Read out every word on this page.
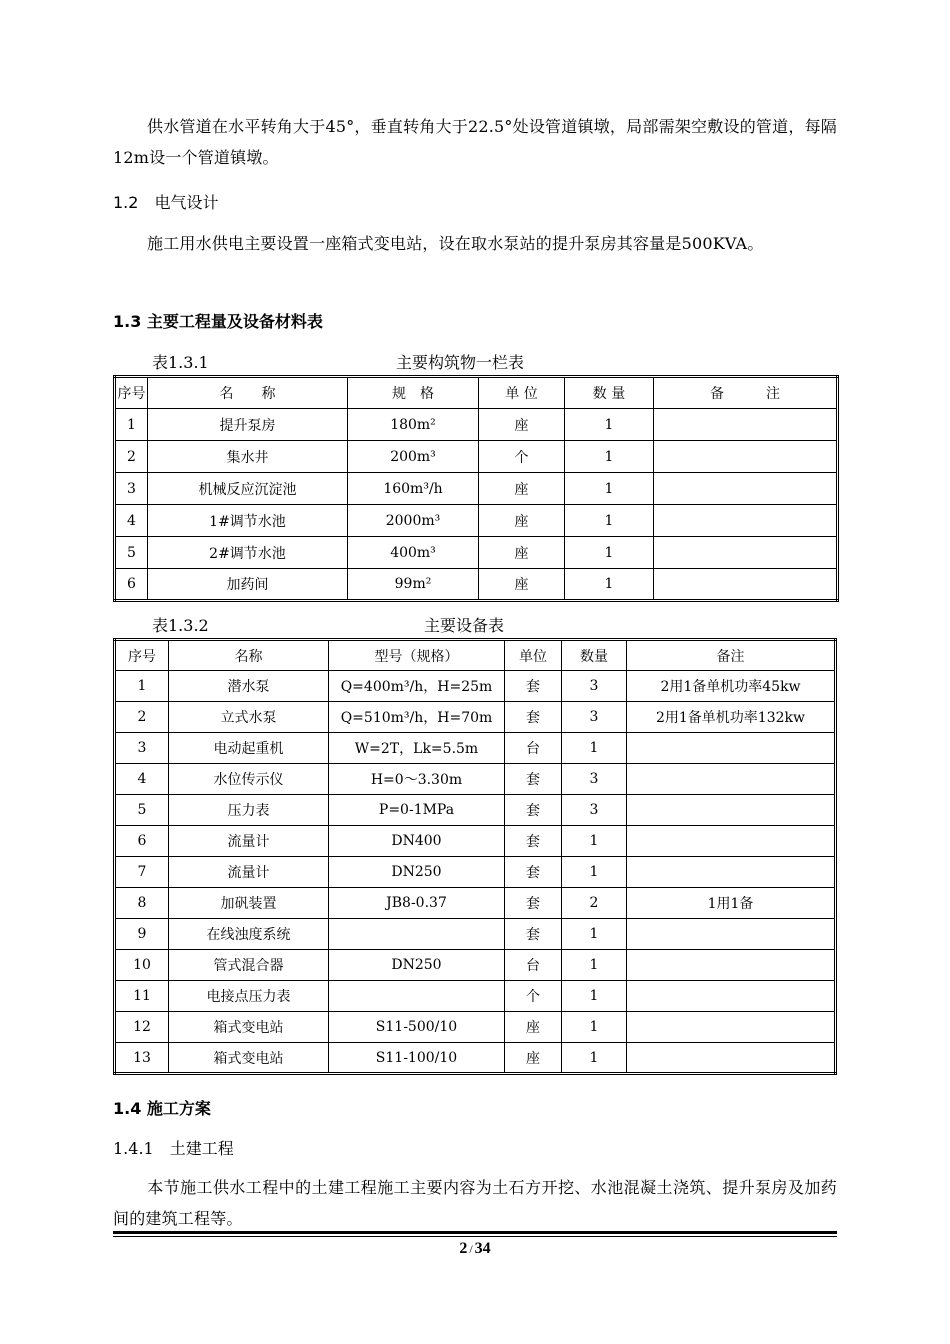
供水管道在水平转角大于45°，垂直转角大于22.5°处设管道镇墩，局部需架空敷设的管道，每隔12m设一个管道镇墩。
1.2　电气设计
施工用水供电主要设置一座箱式变电站，设在取水泵站的提升泵房其容量是500KVA。
1.3 主要工程量及设备材料表
表1.3.1	主要构筑物一栏表
序号	名　　称	规　格	单 位	数 量	备　　　注
1	提升泵房	180m²	座	1	
2	集水井	200m³	个	1	
3	机械反应沉淀池	160m³/h	座	1	
4	1#调节水池	2000m³	座	1	
5	2#调节水池	400m³	座	1	
6	加药间	99m²	座	1	
表1.3.2	主要设备表
序号	名称	型号（规格）	单位	数量	备注
1	潜水泵	Q=400m³/h，H=25m	套	3	2用1备单机功率45kw
2	立式水泵	Q=510m³/h，H=70m	套	3	2用1备单机功率132kw
3	电动起重机	W=2T，Lk=5.5m	台	1	
4	水位传示仪	H=0～3.30m	套	3	
5	压力表	P=0-1MPa	套	3	
6	流量计	DN400	套	1	
7	流量计	DN250	套	1	
8	加矾装置	JB8-0.37	套	2	1用1备
9	在线浊度系统		套	1	
10	管式混合器	DN250	台	1	
11	电接点压力表		个	1	
12	箱式变电站	S11-500/10	座	1	
13	箱式变电站	S11-100/10	座	1	
1.4 施工方案
1.4.1　土建工程
本节施工供水工程中的土建工程施工主要内容为土石方开挖、水池混凝土浇筑、提升泵房及加药间的建筑工程等。
2 / 34
